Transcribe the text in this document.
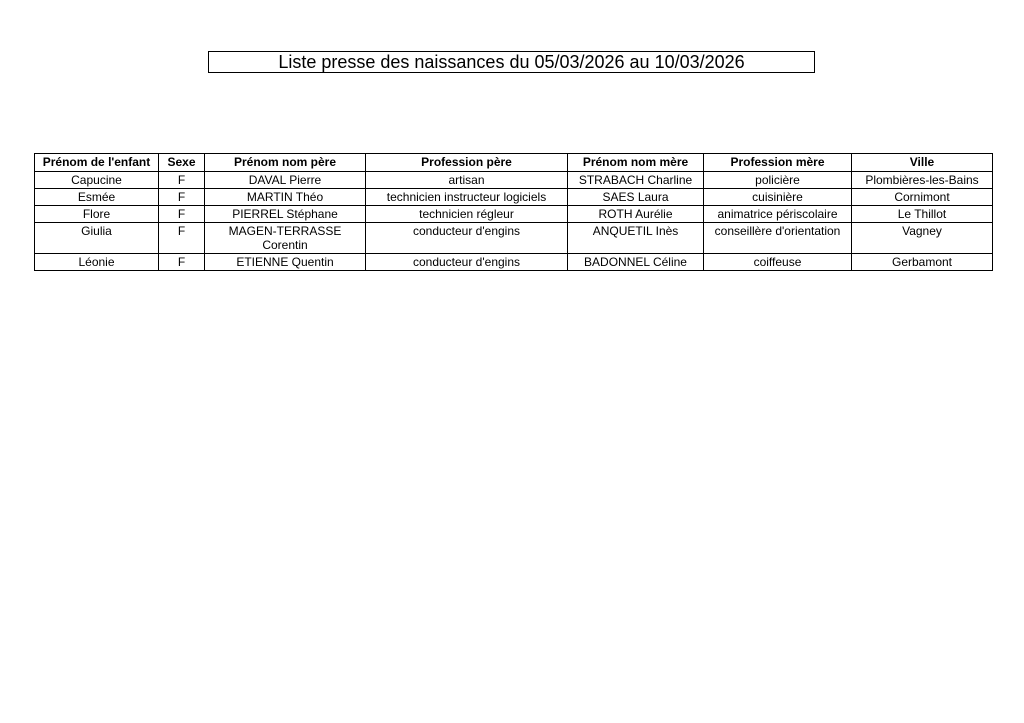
Liste presse des naissances du 05/03/2026 au 10/03/2026
Prénom de l'enfant	Sexe	Prénom nom père	Profession père	Prénom nom mère	Profession mère	Ville
Capucine	F	DAVAL Pierre	artisan	STRABACH Charline	policière	Plombières-les-Bains
Esmée	F	MARTIN Théo	technicien instructeur logiciels	SAES Laura	cuisinière	Cornimont
Flore	F	PIERREL Stéphane	technicien régleur	ROTH Aurélie	animatrice périscolaire	Le Thillot
Giulia	F	MAGEN-TERRASSE Corentin	conducteur d'engins	ANQUETIL Inès	conseillère d'orientation	Vagney
Léonie	F	ETIENNE Quentin	conducteur d'engins	BADONNEL Céline	coiffeuse	Gerbamont
